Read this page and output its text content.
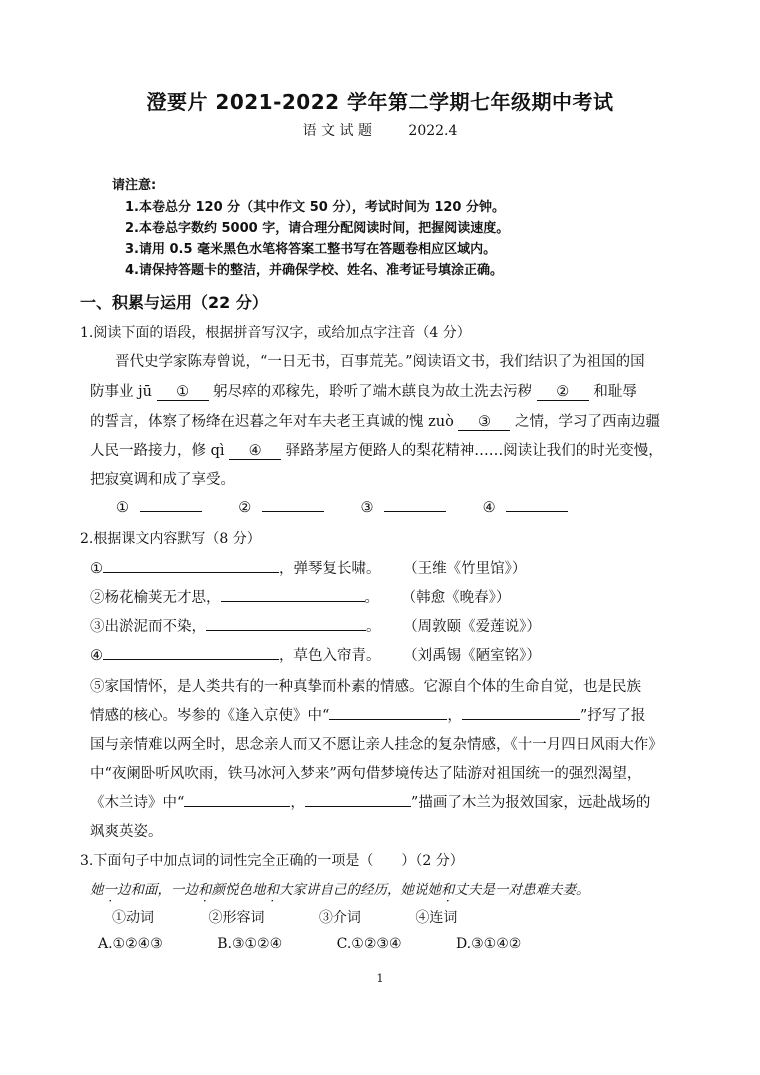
澄要片 2021-2022 学年第二学期七年级期中考试
语 文 试 题	2022.4
请注意:
1.本卷总分 120 分（其中作文 50 分），考试时间为 120 分钟。
2.本卷总字数约 5000 字，请合理分配阅读时间，把握阅读速度。
3.请用 0.5 毫米黑色水笔将答案工整书写在答题卷相应区域内。
4.请保持答题卡的整洁，并确保学校、姓名、准考证号填涂正确。
一、积累与运用（22 分）
1.阅读下面的语段，根据拼音写汉字，或给加点字注音（4 分）
晋代史学家陈寿曾说，“一日无书，百事荒芜。”阅读语文书，我们结识了为祖国的国
防事业 jū ① 躬尽瘁的邓稼先，聆听了端木蕻良为故土洗去污秽 ② 和耻辱
的誓言，体察了杨绛在迟暮之年对车夫老王真诚的愧 zuò ③ 之情，学习了西南边疆
人民一路接力，修 qì ④ 驿路茅屋方便路人的梨花精神……阅读让我们的时光变慢，
把寂寞调和成了享受。
①	②	③	④
2.根据课文内容默写（8 分）
①	，弹琴复长啸。 （王维《竹里馆》）
②杨花榆荚无才思，	。 （韩愈《晚春》）
③出淤泥而不染，	。 （周敦颐《爱莲说》）
④	，草色入帘青。 （刘禹锡《陋室铭》）
⑤家国情怀，是人类共有的一种真挚而朴素的情感。它源自个体的生命自觉，也是民族
情感的核心。岑参的《逢入京使》中“	，	”抒写了报
国与亲情难以两全时，思念亲人而又不愿让亲人挂念的复杂情感，《十一月四日风雨大作》
中“夜阑卧听风吹雨，铁马冰河入梦来”两句借梦境传达了陆游对祖国统一的强烈渴望，
《木兰诗》中“	，	”描画了木兰为报效国家，远赴战场的
飒爽英姿。
3.下面句子中加点词的词性完全正确的一项是（　　）（2 分）
她一边和面，一边和颜悦色地和大家讲自己的经历，她说她和丈夫是一对患难夫妻。
①动词	②形容词	③介词	④连词
A.①②④③	B.③①②④	C.①②③④	D.③①④②
1
